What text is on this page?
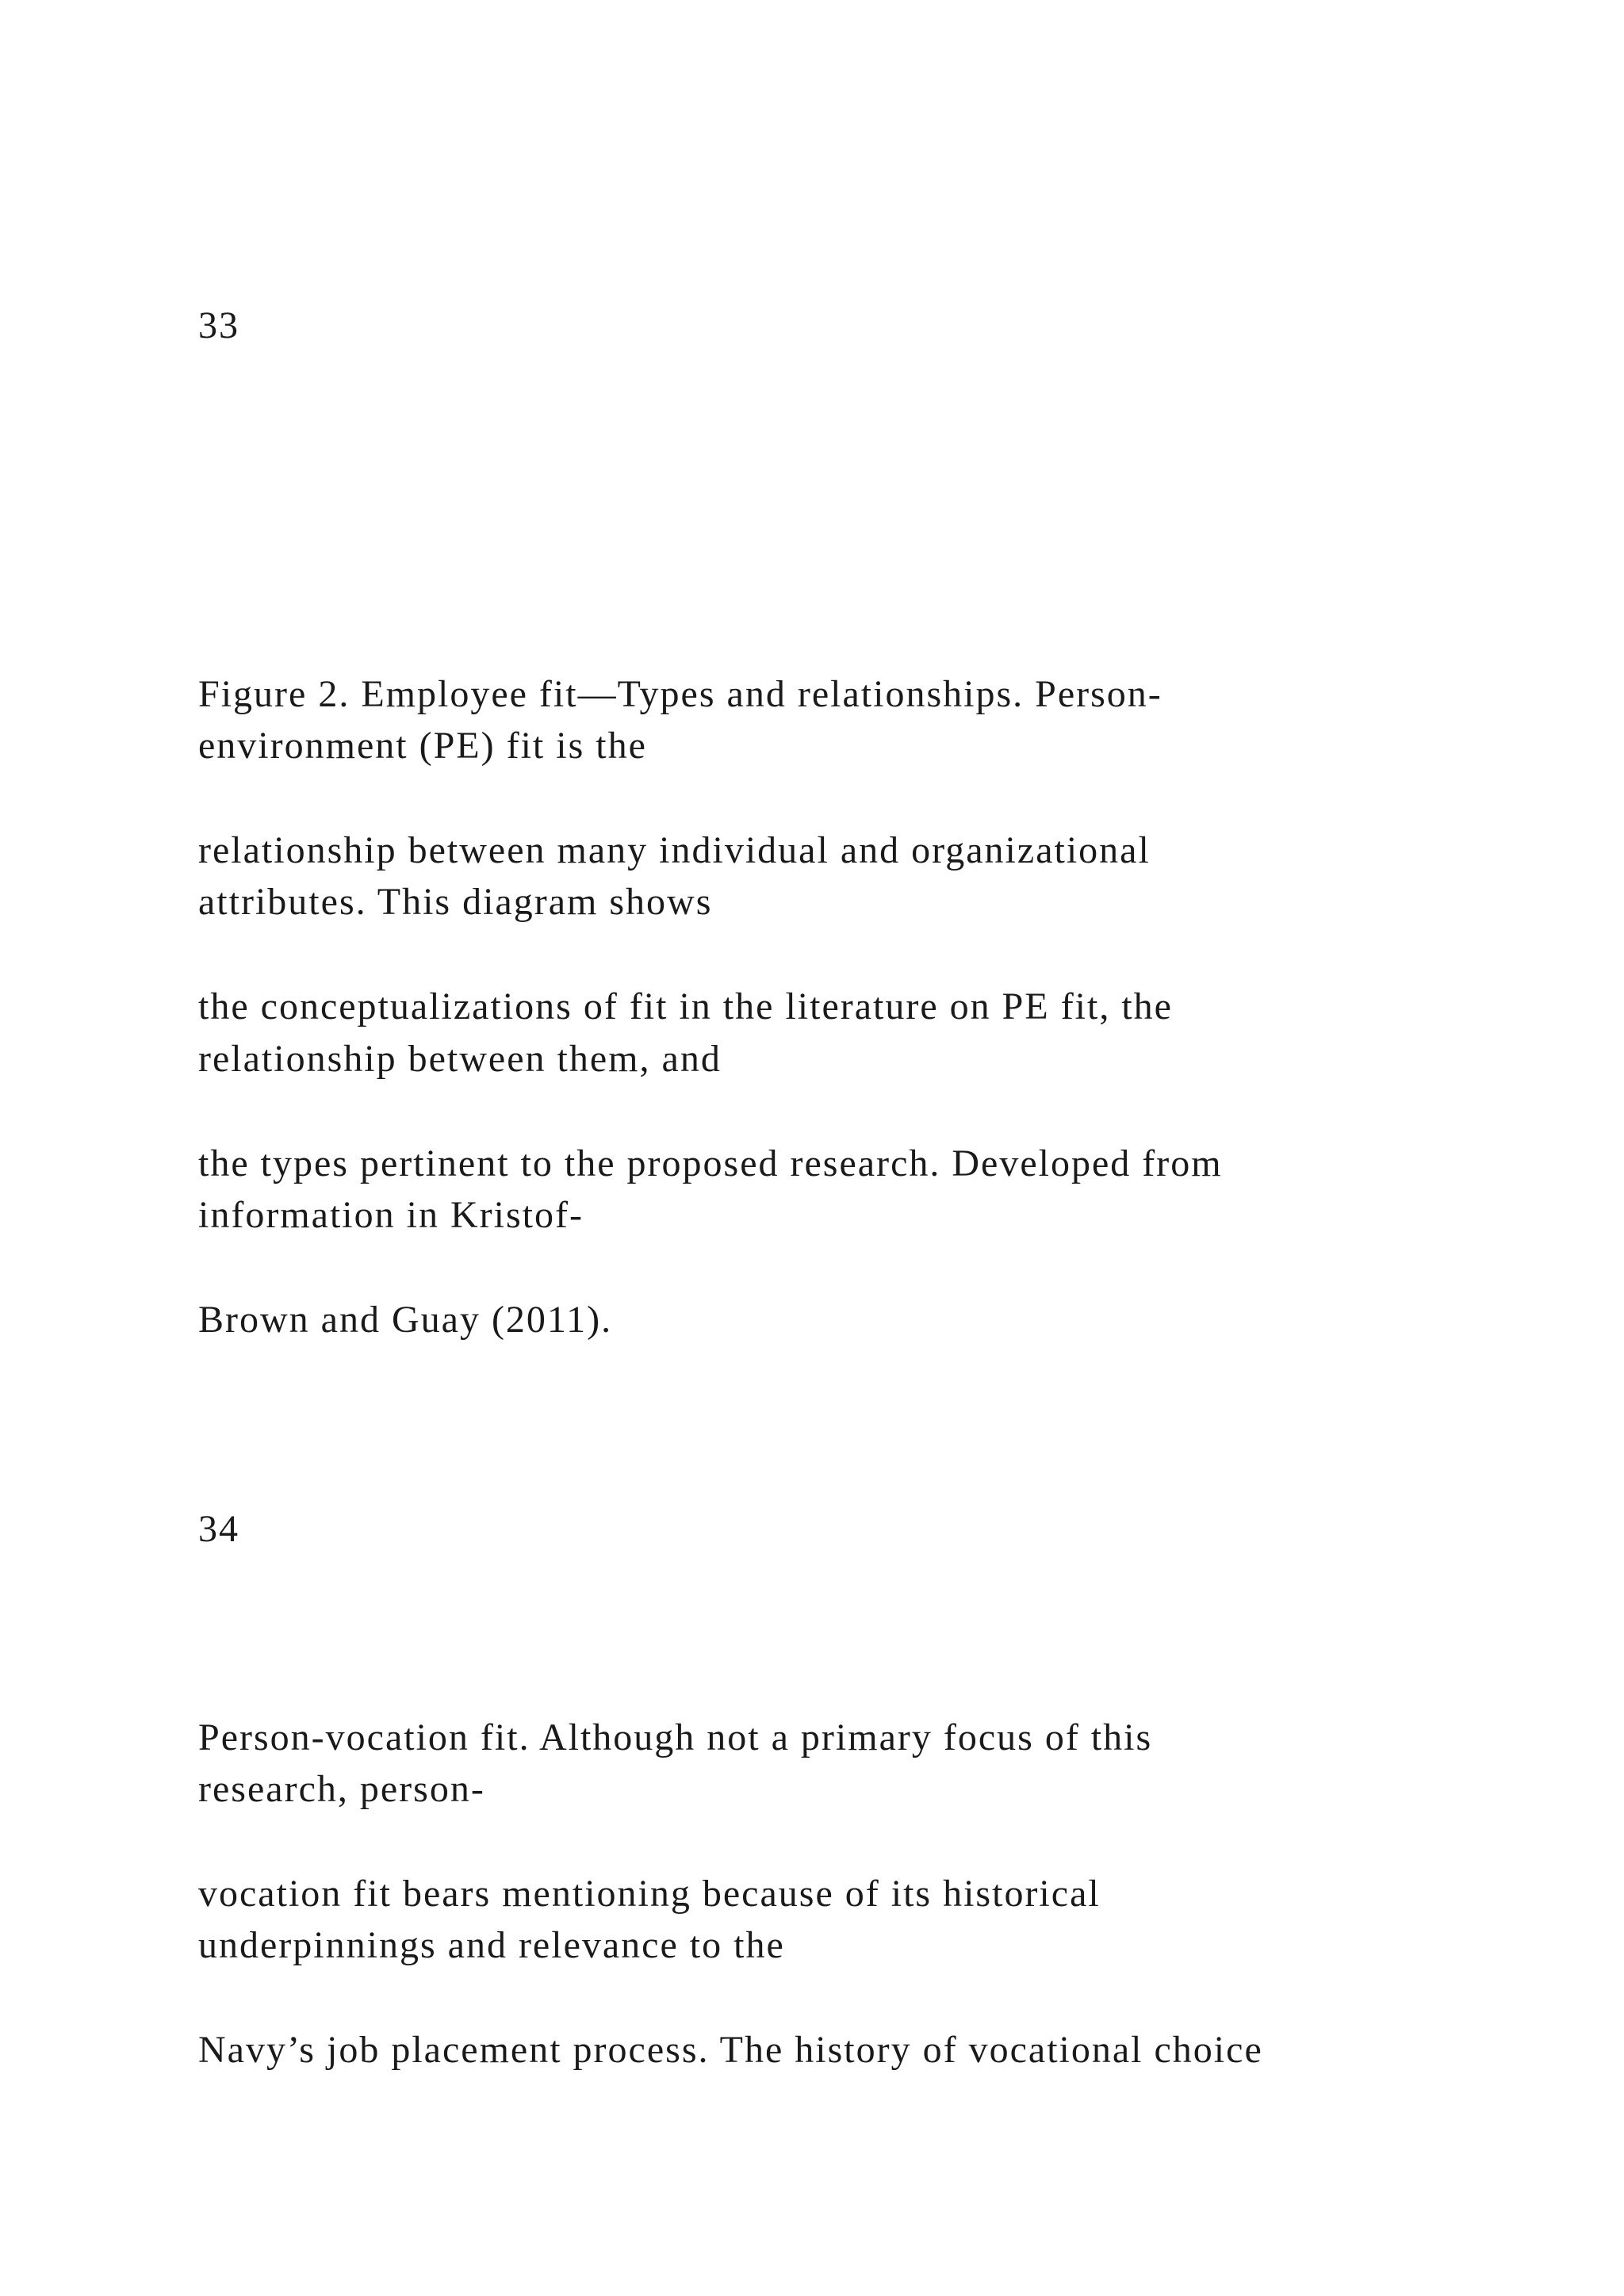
33

Figure 2. Employee fit—Types and relationships. Person-

environment (PE) fit is the

relationship between many individual and organizational

attributes. This diagram shows

the conceptualizations of fit in the literature on PE fit, the

relationship between them, and

the types pertinent to the proposed research. Developed from

information in Kristof-

Brown and Guay (2011).

34

Person-vocation fit. Although not a primary focus of this

research, person-

vocation fit bears mentioning because of its historical

underpinnings and relevance to the

Navy’s job placement process. The history of vocational choice
